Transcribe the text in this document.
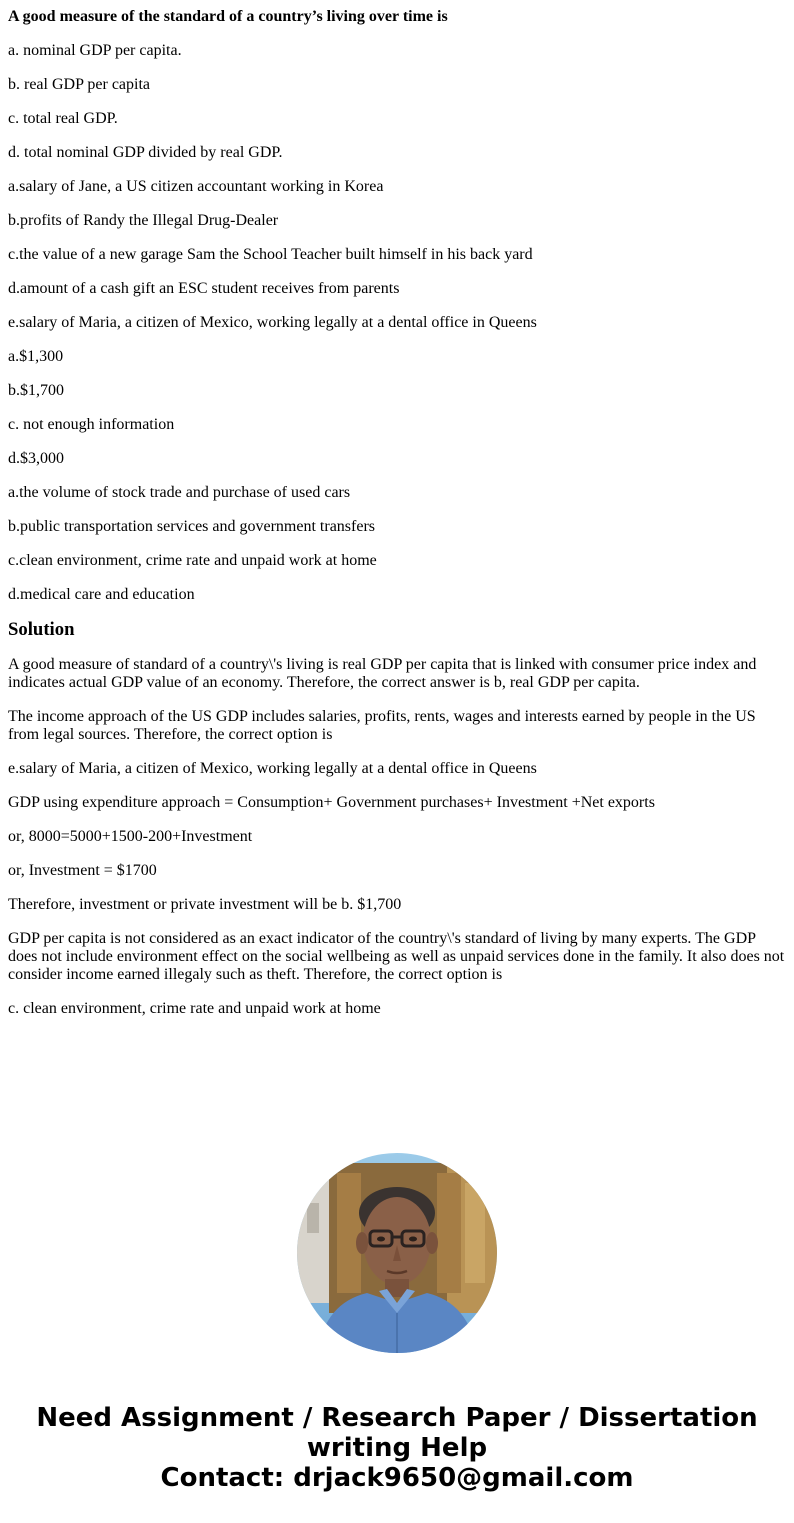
A good measure of the standard of a country’s living over time is

a. nominal GDP per capita.

b. real GDP per capita

c. total real GDP.

d. total nominal GDP divided by real GDP.

a.salary of Jane, a US citizen accountant working in Korea

b.profits of Randy the Illegal Drug-Dealer

c.the value of a new garage Sam the School Teacher built himself in his back yard

d.amount of a cash gift an ESC student receives from parents

e.salary of Maria, a citizen of Mexico, working legally at a dental office in Queens

a.$1,300

b.$1,700

c. not enough information

d.$3,000

a.the volume of stock trade and purchase of used cars

b.public transportation services and government transfers

c.clean environment, crime rate and unpaid work at home

d.medical care and education

Solution

A good measure of standard of a country\'s living is real GDP per capita that is linked with consumer price index and indicates actual GDP value of an economy. Therefore, the correct answer is b, real GDP per capita.

The income approach of the US GDP includes salaries, profits, rents, wages and interests earned by people in the US from legal sources. Therefore, the correct option is

e.salary of Maria, a citizen of Mexico, working legally at a dental office in Queens

GDP using expenditure approach = Consumption+ Government purchases+ Investment +Net exports

or, 8000=5000+1500-200+Investment

or, Investment = $1700

Therefore, investment or private investment will be b. $1,700

GDP per capita is not considered as an exact indicator of the country\'s standard of living by many experts. The GDP does not include environment effect on the social wellbeing as well as unpaid services done in the family. It also does not consider income earned illegaly such as theft. Therefore, the correct option is

c. clean environment, crime rate and unpaid work at home

Need Assignment / Research Paper / Dissertation
writing Help
Contact: drjack9650@gmail.com
